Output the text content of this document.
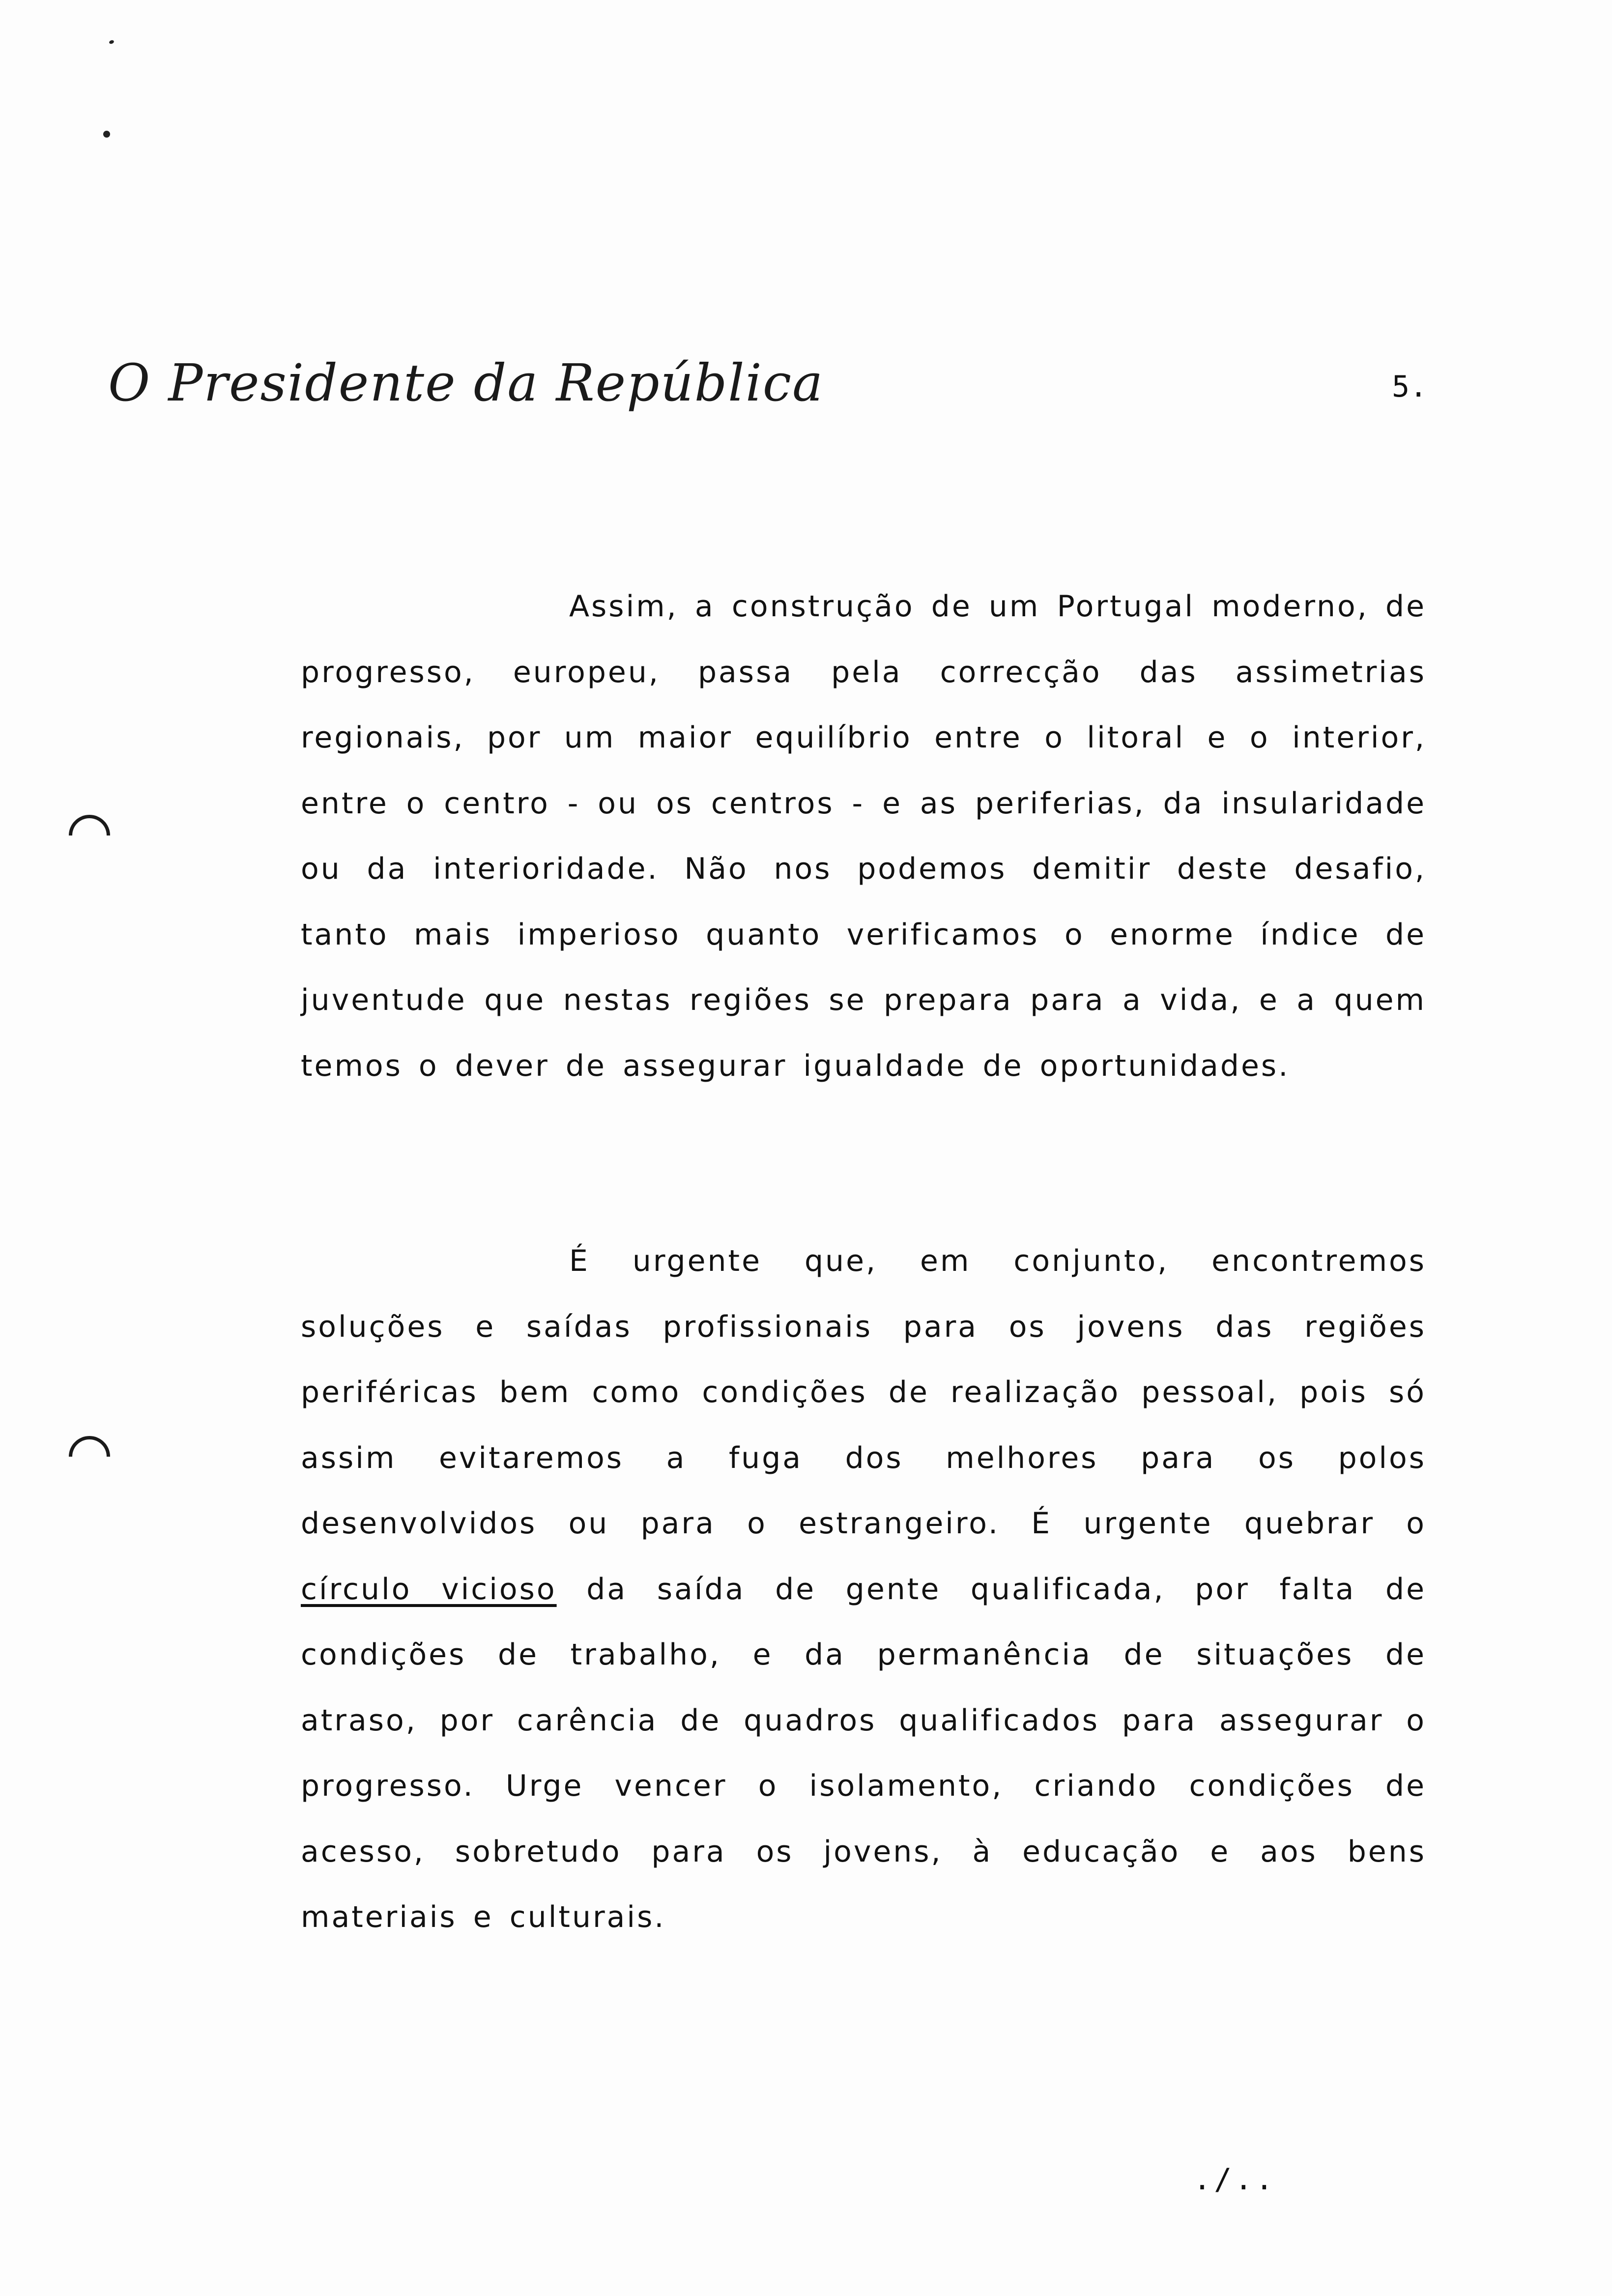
O Presidente da República	5.

Assim, a construção de um Portugal moderno, de progresso, europeu, passa pela correcção das assimetrias regionais, por um maior equilíbrio entre o litoral e o interior, entre o centro - ou os centros - e as periferias, da insularidade ou da interioridade. Não nos podemos demitir deste desafio, tanto mais imperioso quanto verificamos o enorme índice de juventude que nestas regiões se prepara para a vida, e a quem temos o dever de assegurar igualdade de oportunidades.

É urgente que, em conjunto, encontremos soluções e saídas profissionais para os jovens das regiões periféricas bem como condições de realização pessoal, pois só assim evitaremos a fuga dos melhores para os polos desenvolvidos ou para o estrangeiro. É urgente quebrar o círculo vicioso da saída de gente qualificada, por falta de condições de trabalho, e da permanência de situações de atraso, por carência de quadros qualificados para assegurar o progresso. Urge vencer o isolamento, criando condições de acesso, sobretudo para os jovens, à educação e aos bens materiais e culturais.

./..
